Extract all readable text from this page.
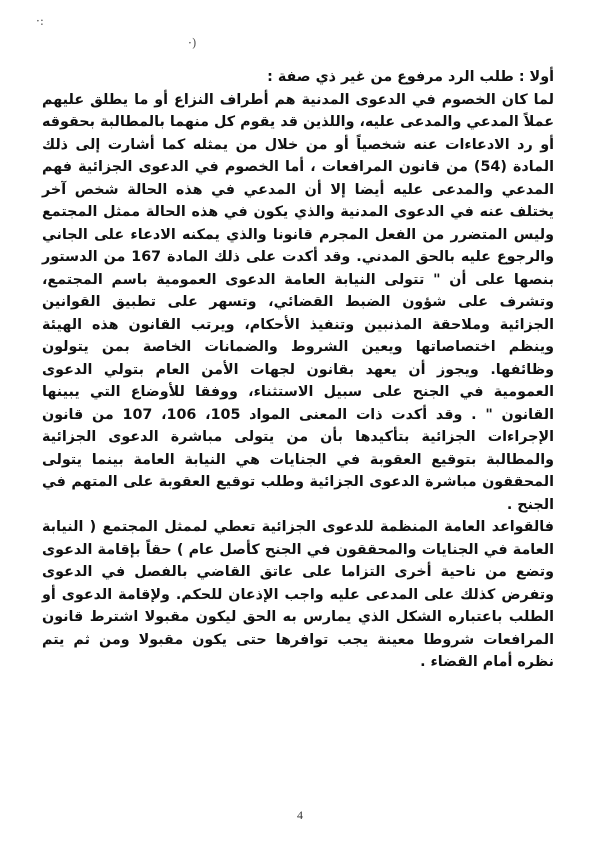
·:
·)

أولا : طلب الرد مرفوع من غير ذي صفة :

لما كان الخصوم في الدعوى المدنية هم أطراف النزاع أو ما يطلق عليهم عملاً المدعي والمدعى عليه، واللذين قد يقوم كل منهما بالمطالبة بحقوقه أو رد الادعاءات عنه شخصياً أو من خلال من يمثله كما أشارت إلى ذلك المادة (54) من قانون المرافعات ، أما الخصوم في الدعوى الجزائية فهم المدعي والمدعى عليه أيضا إلا أن المدعي في هذه الحالة شخص آخر يختلف عنه في الدعوى المدنية والذي يكون في هذه الحالة ممثل المجتمع وليس المتضرر من الفعل المجرم قانونا والذي يمكنه الادعاء على الجاني والرجوع عليه بالحق المدني. وقد أكدت على ذلك المادة 167 من الدستور بنصها على أن " تتولى النيابة العامة الدعوى العمومية باسم المجتمع، وتشرف على شؤون الضبط القضائي، وتسهر على تطبيق القوانين الجزائية وملاحقة المذنبين وتنفيذ الأحكام، ويرتب القانون هذه الهيئة وينظم اختصاصاتها ويعين الشروط والضمانات الخاصة بمن يتولون وظائفها. ويجوز أن يعهد بقانون لجهات الأمن العام بتولي الدعوى العمومية في الجنح على سبيل الاستثناء، ووفقا للأوضاع التي يبينها القانون " . وقد أكدت ذات المعنى المواد 105، 106، 107 من قانون الإجراءات الجزائية بتأكيدها بأن من يتولى مباشرة الدعوى الجزائية والمطالبة بتوقيع العقوبة في الجنايات هي النيابة العامة بينما يتولى المحققون مباشرة الدعوى الجزائية وطلب توقيع العقوبة على المتهم في الجنح .

فالقواعد العامة المنظمة للدعوى الجزائية تعطي لممثل المجتمع ( النيابة العامة في الجنايات والمحققون في الجنح كأصل عام ) حقاً بإقامة الدعوى وتضع من ناحية أخرى التزاما على عاتق القاضي بالفصل في الدعوى وتفرض كذلك على المدعى عليه واجب الإذعان للحكم. ولإقامة الدعوى أو الطلب باعتباره الشكل الذي يمارس به الحق ليكون مقبولا اشترط قانون المرافعات شروطا معينة يجب توافرها حتى يكون مقبولا ومن ثم يتم نظره أمام القضاء .

4
